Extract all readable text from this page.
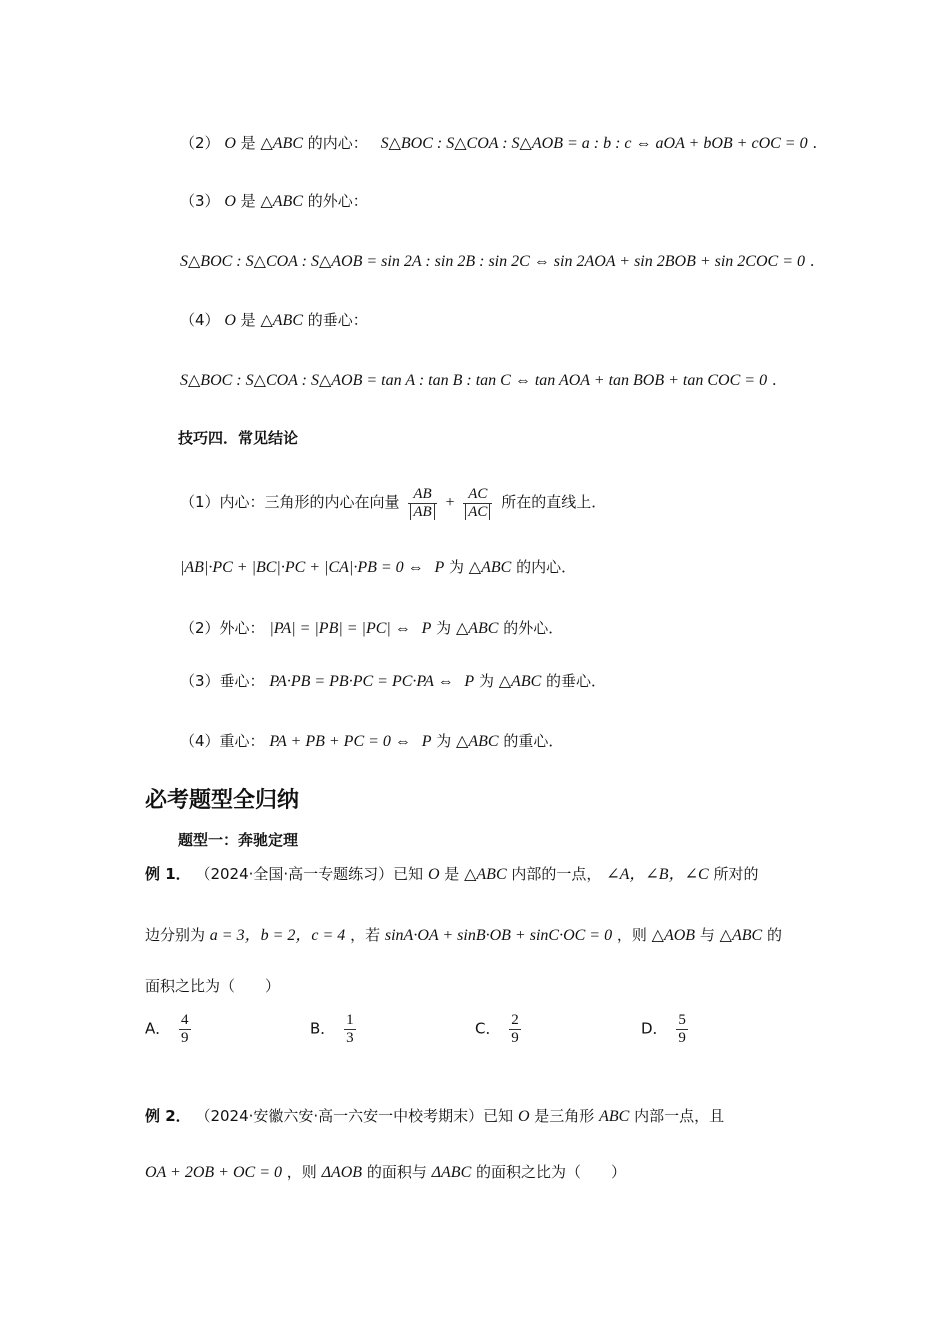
（2） O 是 △ABC 的内心： S△BOC : S△COA : S△AOB = a : b : c ⇔ aOA + bOB + cOC = 0 .
（3） O 是 △ABC 的外心：
S△BOC : S△COA : S△AOB = sin 2A : sin 2B : sin 2C ⇔ sin 2AOA + sin 2BOB + sin 2COC = 0 .
（4） O 是 △ABC 的垂心：
S△BOC : S△COA : S△AOB = tan A : tan B : tan C ⇔ tan AOA + tan BOB + tan COC = 0 .
技巧四．常见结论
（1）内心：三角形的内心在向量 $\frac{AB}{AB} + \frac{AC}{AC}$ 所在的直线上．
|AB|·PC + |BC|·PC + |CA|·PB = 0 ⇔ P 为 △ABC 的内心．
（2）外心： |PA| = |PB| = |PC| ⇔ P 为 △ABC 的外心．
（3）垂心： PA·PB = PB·PC = PC·PA ⇔ P 为 △ABC 的垂心．
（4）重心： PA + PB + PC = 0 ⇔ P 为 △ABC 的重心．
必考题型全归纳
题型一：奔驰定理
例 1． （2024·全国·高一专题练习）已知 O 是 △ABC 内部的一点， ∠A，∠B，∠C 所对的
边分别为 a = 3，b = 2，c = 4 ，若 sinA·OA + sinB·OB + sinC·OC = 0 ，则 △AOB 与 △ABC 的
面积之比为（　　）
A． $\frac{4}{9}$	B． $\frac{1}{3}$	C． $\frac{2}{9}$	D． $\frac{5}{9}$
例 2． （2024·安徽六安·高一六安一中校考期末）已知 O 是三角形 ABC 内部一点，且
OA + 2OB + OC = 0 ，则 ΔAOB 的面积与 ΔABC 的面积之比为（　　）
